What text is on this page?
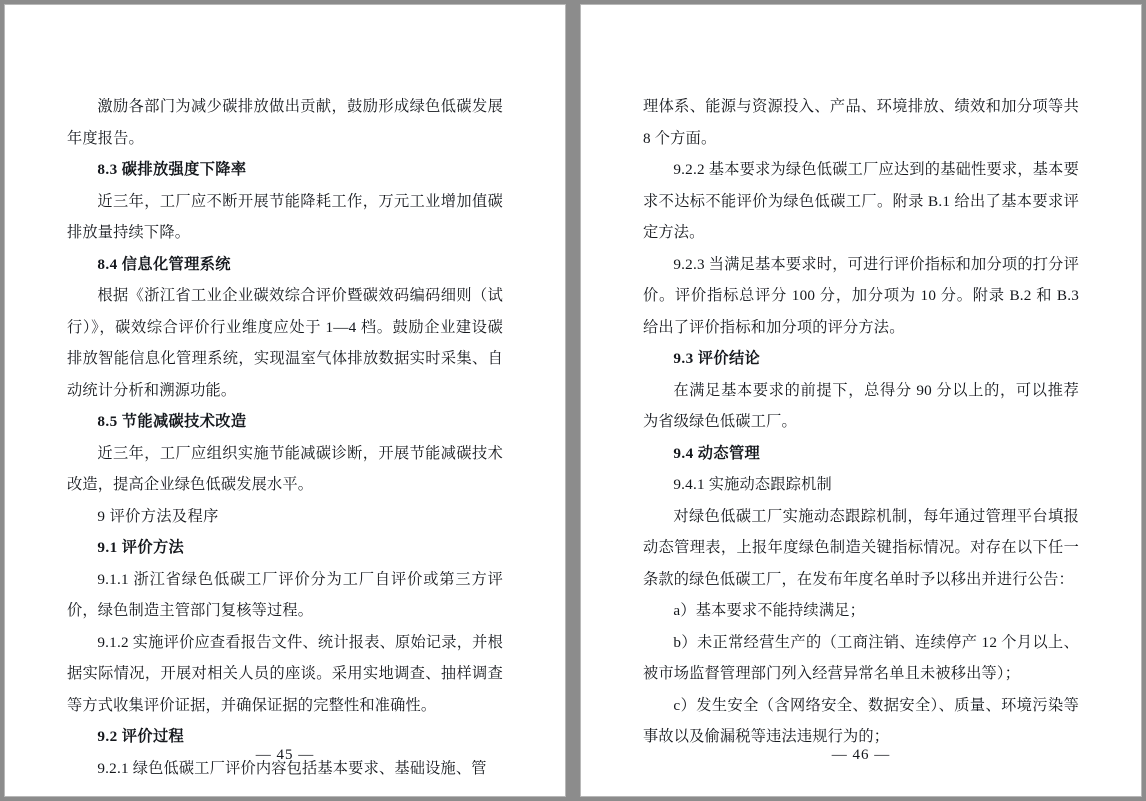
激励各部门为减少碳排放做出贡献，鼓励形成绿色低碳发展年度报告。

8.3 碳排放强度下降率

近三年，工厂应不断开展节能降耗工作，万元工业增加值碳排放量持续下降。

8.4 信息化管理系统

根据《浙江省工业企业碳效综合评价暨碳效码编码细则（试行）》，碳效综合评价行业维度应处于 1—4 档。鼓励企业建设碳排放智能信息化管理系统，实现温室气体排放数据实时采集、自动统计分析和溯源功能。

8.5 节能减碳技术改造

近三年，工厂应组织实施节能减碳诊断，开展节能减碳技术改造，提高企业绿色低碳发展水平。

9 评价方法及程序

9.1 评价方法

9.1.1 浙江省绿色低碳工厂评价分为工厂自评价或第三方评价，绿色制造主管部门复核等过程。

9.1.2 实施评价应查看报告文件、统计报表、原始记录，并根据实际情况，开展对相关人员的座谈。采用实地调查、抽样调查等方式收集评价证据，并确保证据的完整性和准确性。

9.2 评价过程

9.2.1 绿色低碳工厂评价内容包括基本要求、基础设施、管

— 45 —

理体系、能源与资源投入、产品、环境排放、绩效和加分项等共 8 个方面。

9.2.2 基本要求为绿色低碳工厂应达到的基础性要求，基本要求不达标不能评价为绿色低碳工厂。附录 B.1 给出了基本要求评定方法。

9.2.3 当满足基本要求时，可进行评价指标和加分项的打分评价。评价指标总评分 100 分，加分项为 10 分。附录 B.2 和 B.3 给出了评价指标和加分项的评分方法。

9.3 评价结论

在满足基本要求的前提下，总得分 90 分以上的，可以推荐为省级绿色低碳工厂。

9.4 动态管理

9.4.1 实施动态跟踪机制

对绿色低碳工厂实施动态跟踪机制，每年通过管理平台填报动态管理表，上报年度绿色制造关键指标情况。对存在以下任一条款的绿色低碳工厂，在发布年度名单时予以移出并进行公告：

a）基本要求不能持续满足；

b）未正常经营生产的（工商注销、连续停产 12 个月以上、被市场监督管理部门列入经营异常名单且未被移出等）；

c）发生安全（含网络安全、数据安全）、质量、环境污染等事故以及偷漏税等违法违规行为的；

— 46 —
